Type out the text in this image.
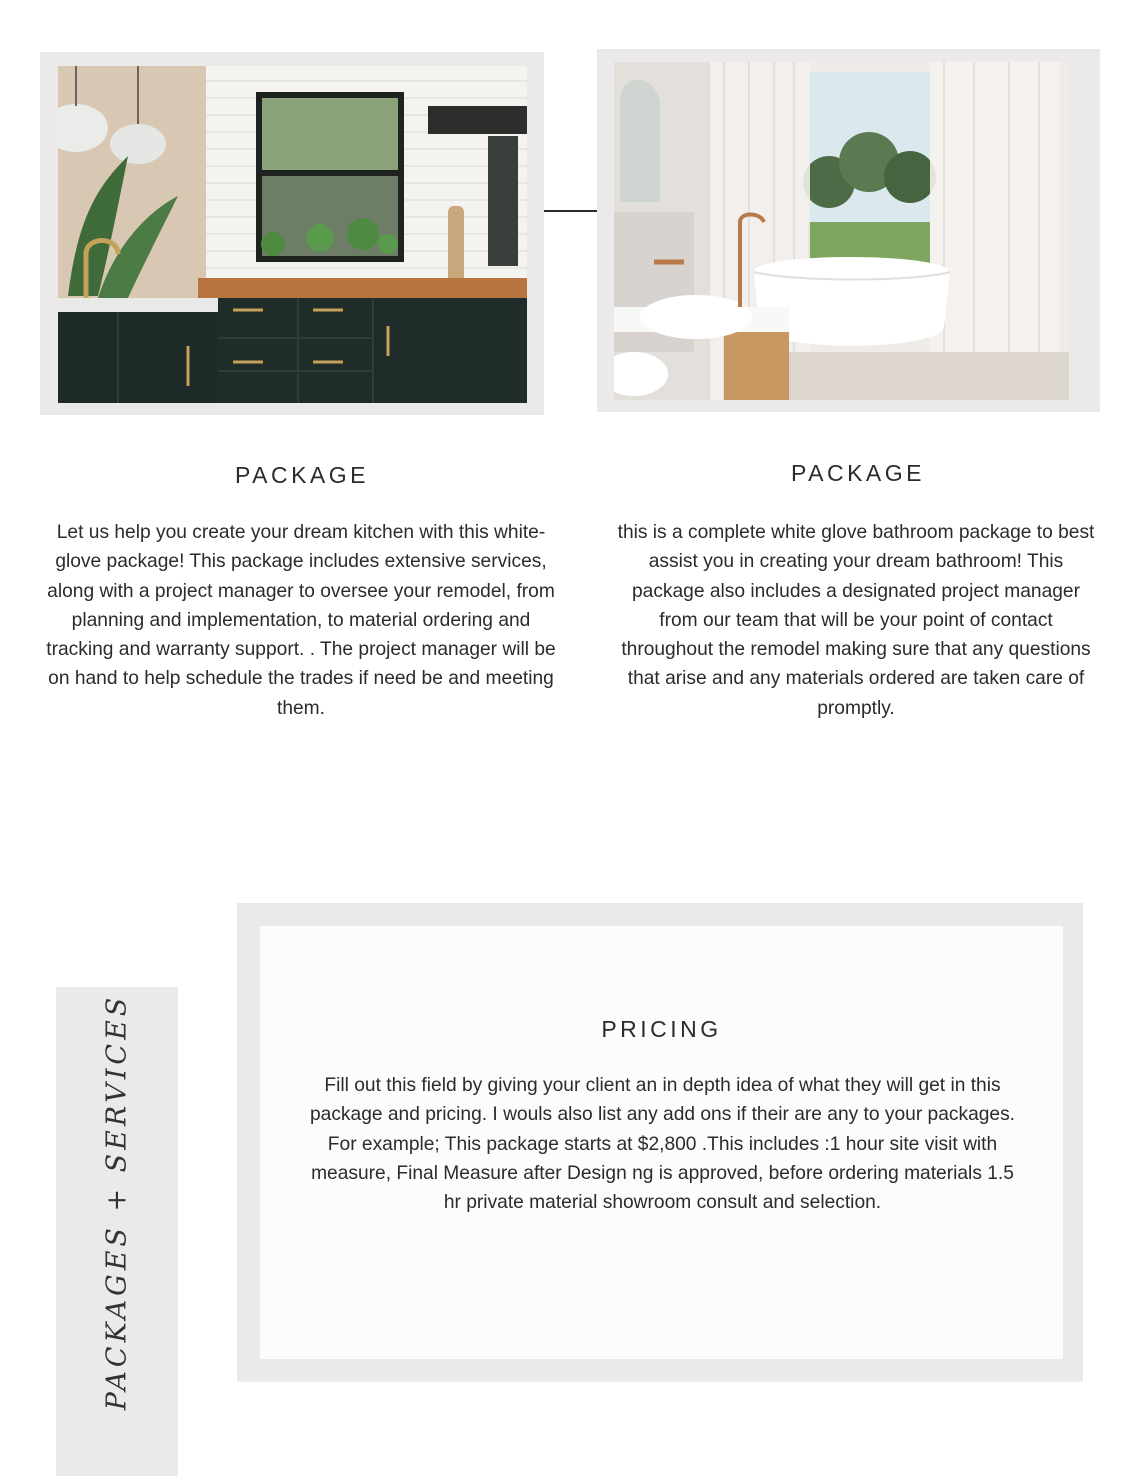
PACKAGE

Let us help you create your dream kitchen with this white-glove package! This package includes extensive services, along with a project manager to oversee your remodel, from planning and implementation, to material ordering and tracking and warranty support. . The project manager will be on hand to help schedule the trades if need be and meeting them.

PACKAGE

this is a complete white glove bathroom package to best assist you in creating your dream bathroom! This package also includes a designated project manager from our team that will be your point of contact throughout the remodel making sure that any questions that arise and any materials ordered are taken care of promptly.

PRICING

Fill out this field by giving your client an in depth idea of what they will get in this package and pricing. I wouls also list any add ons if their are any to your packages. For example; This package starts at $2,800 .This includes :1 hour site visit with measure, Final Measure after Design ng is approved, before ordering materials 1.5 hr private material showroom consult and selection.

PACKAGES + SERVICES
